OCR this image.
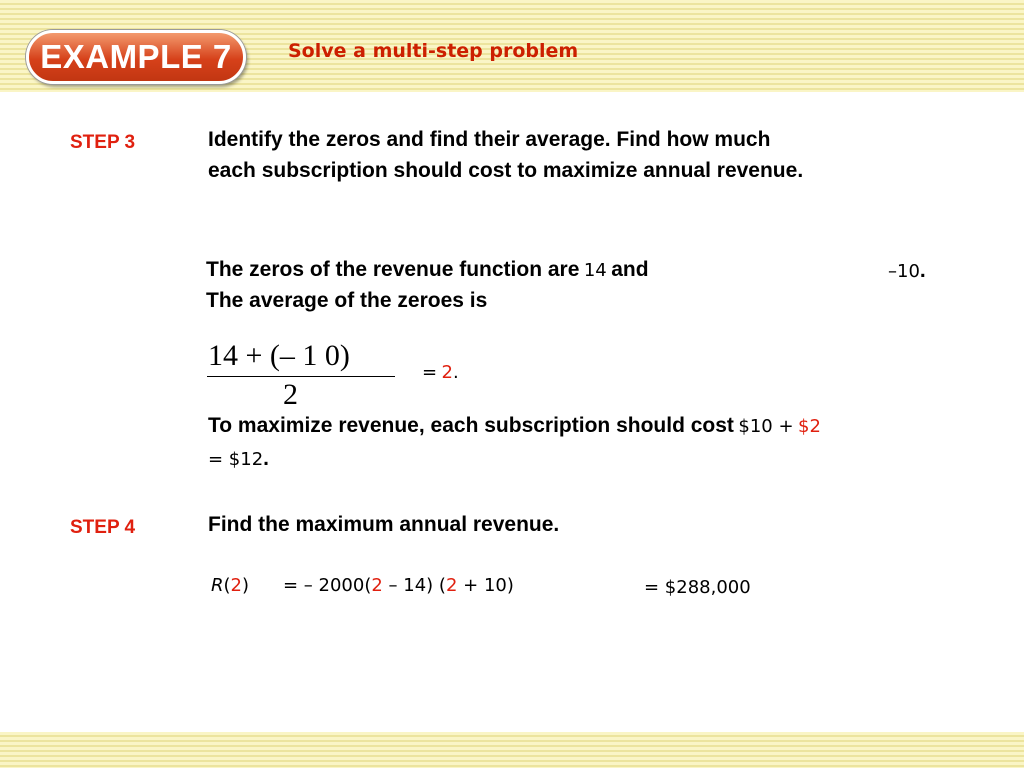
EXAMPLE 7	Solve a multi-step problem
STEP 3	Identify the zeros and find their average. Find how much
each subscription should cost to maximize annual revenue.
The zeros of the revenue function are 14 and	–10.
The average of the zeroes is
14 + (– 1 0)
2
= 2.
To maximize revenue, each subscription should cost $10 + $2
= $12.
STEP 4	Find the maximum annual revenue.
R(2) = – 2000(2 – 14) (2 + 10)	= $288,000
